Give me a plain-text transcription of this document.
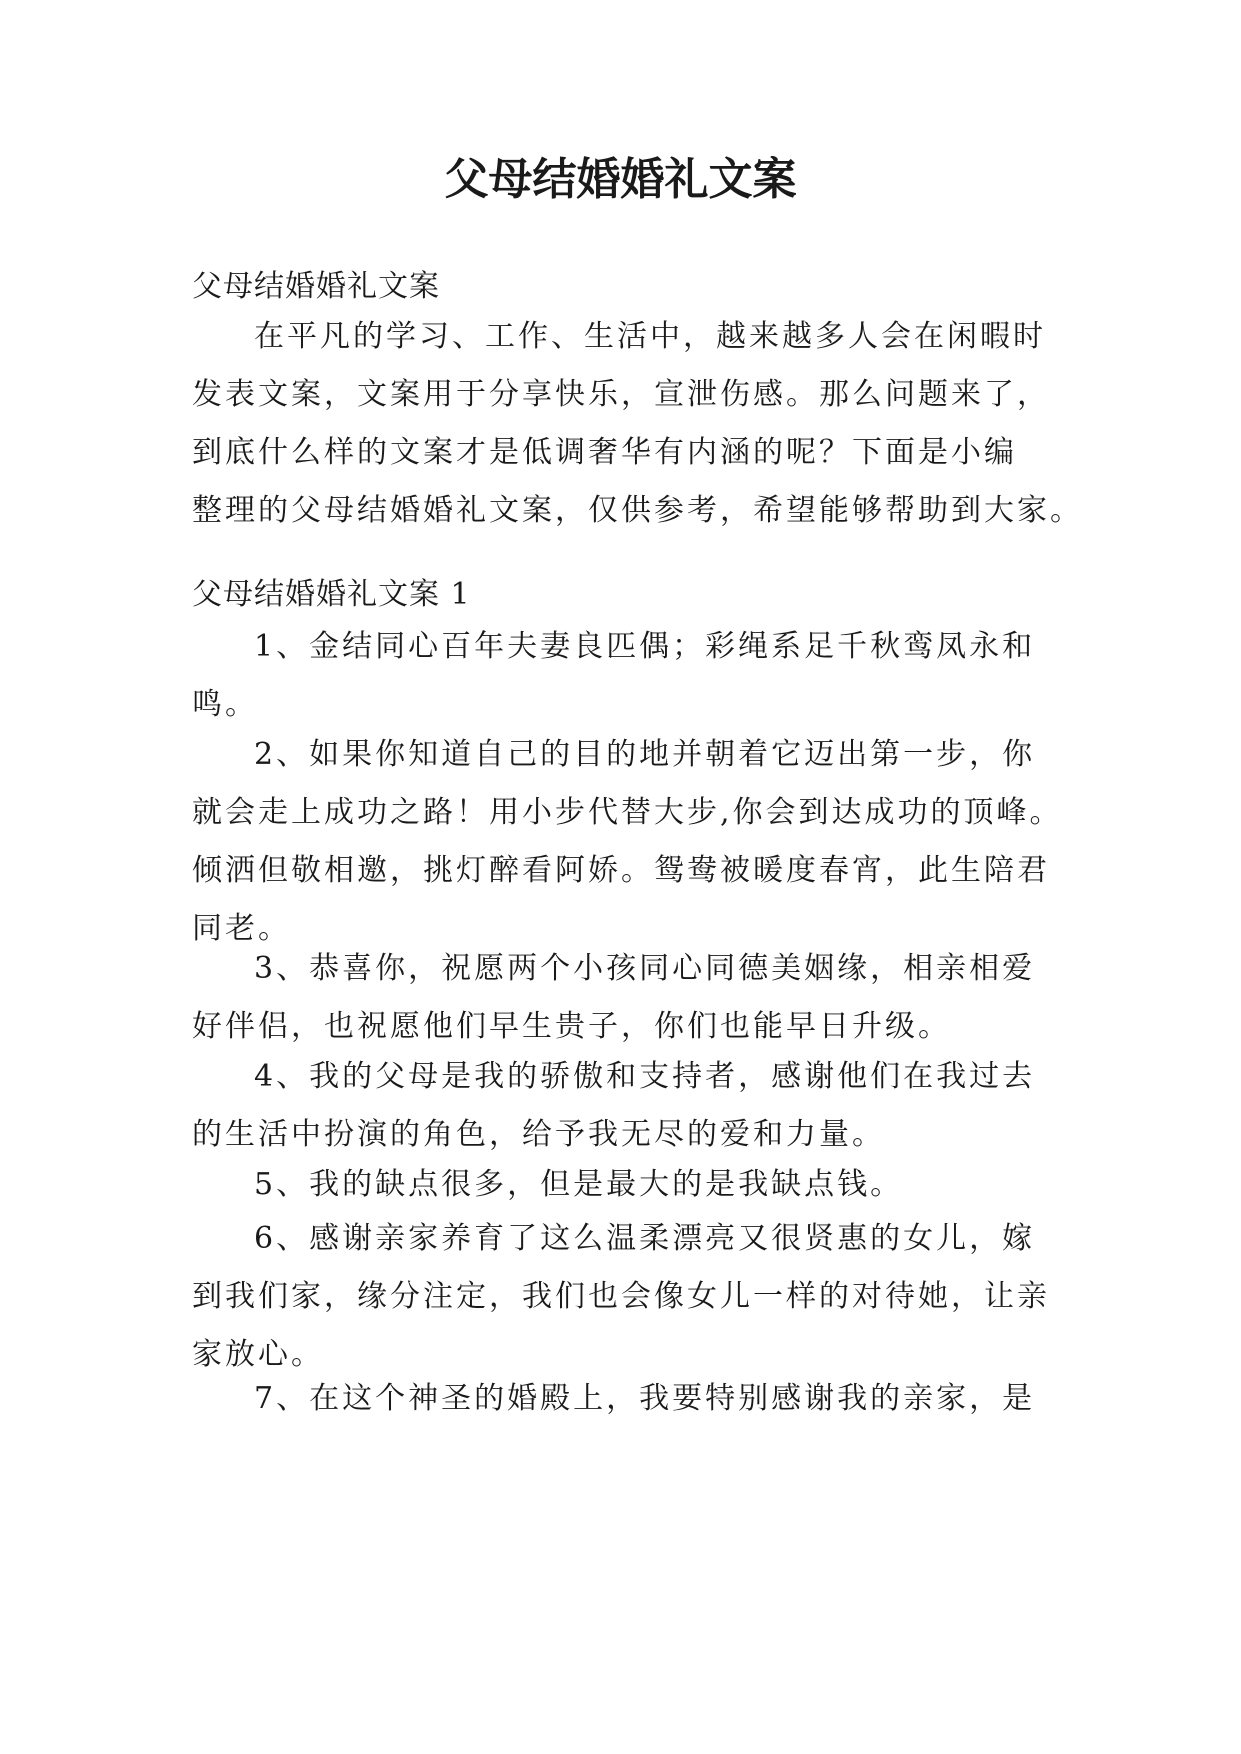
父母结婚婚礼文案

父母结婚婚礼文案

在平凡的学习、工作、生活中，越来越多人会在闲暇时
发表文案，文案用于分享快乐，宣泄伤感。那么问题来了，
到底什么样的文案才是低调奢华有内涵的呢？下面是小编
整理的父母结婚婚礼文案，仅供参考，希望能够帮助到大家。

父母结婚婚礼文案 1

1、金结同心百年夫妻良匹偶；彩绳系足千秋鸾凤永和
鸣。
2、如果你知道自己的目的地并朝着它迈出第一步，你
就会走上成功之路！用小步代替大步,你会到达成功的顶峰。
倾洒但敬相邀，挑灯醉看阿娇。鸳鸯被暖度春宵，此生陪君
同老。
3、恭喜你，祝愿两个小孩同心同德美姻缘，相亲相爱
好伴侣，也祝愿他们早生贵子，你们也能早日升级。
4、我的父母是我的骄傲和支持者，感谢他们在我过去
的生活中扮演的角色，给予我无尽的爱和力量。
5、我的缺点很多，但是最大的是我缺点钱。
6、感谢亲家养育了这么温柔漂亮又很贤惠的女儿，嫁
到我们家，缘分注定，我们也会像女儿一样的对待她，让亲
家放心。
7、在这个神圣的婚殿上，我要特别感谢我的亲家，是
